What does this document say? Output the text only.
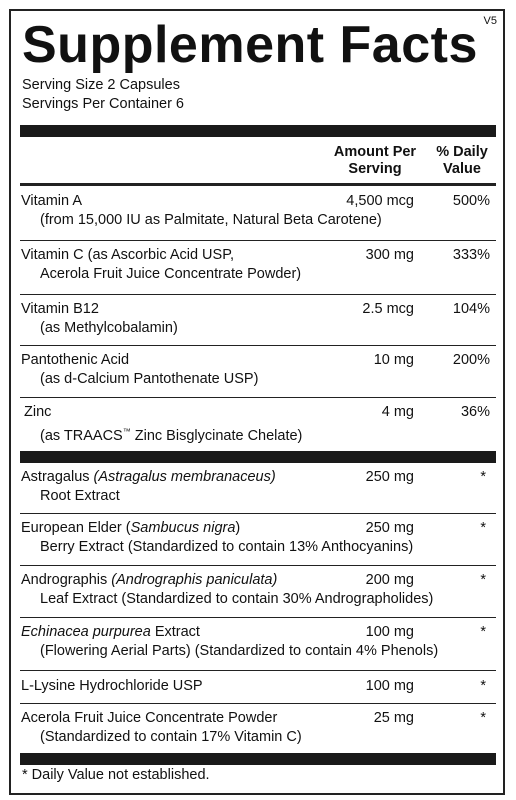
V5
Supplement Facts
Serving Size 2 Capsules
Servings Per Container 6
Amount Per
Serving
% Daily
Value
Vitamin A
(from 15,000 IU as Palmitate, Natural Beta Carotene)
4,500 mcg	500%
Vitamin C (as Ascorbic Acid USP,
Acerola Fruit Juice Concentrate Powder)
300 mg	333%
Vitamin B12
(as Methylcobalamin)
2.5 mcg	104%
Pantothenic Acid
(as d-Calcium Pantothenate USP)
10 mg	200%
Zinc
(as TRAACS™ Zinc Bisglycinate Chelate)
4 mg	36%
Astragalus (Astragalus membranaceus)
Root Extract
250 mg	*
European Elder (Sambucus nigra)
Berry Extract (Standardized to contain 13% Anthocyanins)
250 mg	*
Andrographis (Andrographis paniculata)
Leaf Extract (Standardized to contain 30% Andrographolides)
200 mg	*
Echinacea purpurea Extract
(Flowering Aerial Parts) (Standardized to contain 4% Phenols)
100 mg	*
L-Lysine Hydrochloride USP	100 mg	*
Acerola Fruit Juice Concentrate Powder
(Standardized to contain 17% Vitamin C)
25 mg	*
* Daily Value not established.
